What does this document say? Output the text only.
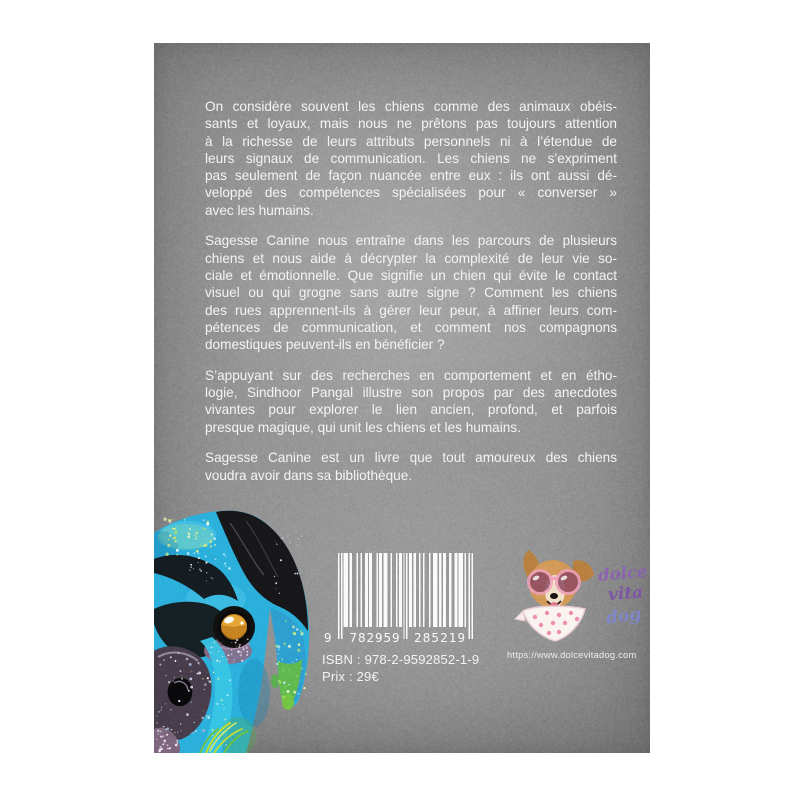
On considère souvent les chiens comme des animaux obéis-
sants et loyaux, mais nous ne prêtons pas toujours attention
à la richesse de leurs attributs personnels ni à l’étendue de
leurs signaux de communication. Les chiens ne s’expriment
pas seulement de façon nuancée entre eux : ils ont aussi dé-
veloppé des compétences spécialisées pour « converser »
avec les humains.
Sagesse Canine nous entraîne dans les parcours de plusieurs
chiens et nous aide à décrypter la complexité de leur vie so-
ciale et émotionnelle. Que signifie un chien qui évite le contact
visuel ou qui grogne sans autre signe ? Comment les chiens
des rues apprennent-ils à gérer leur peur, à affiner leurs com-
pétences de communication, et comment nos compagnons
domestiques peuvent-ils en bénéficier ?
S’appuyant sur des recherches en comportement et en étho-
logie, Sindhoor Pangal illustre son propos par des anecdotes
vivantes pour explorer le lien ancien, profond, et parfois
presque magique, qui unit les chiens et les humains.
Sagesse Canine est un livre que tout amoureux des chiens
voudra avoir dans sa bibliothèque.
9 782959 285219
ISBN : 978-2-9592852-1-9
Prix : 29€
dolce
vita
dog
https://www.dolcevitadog.com
